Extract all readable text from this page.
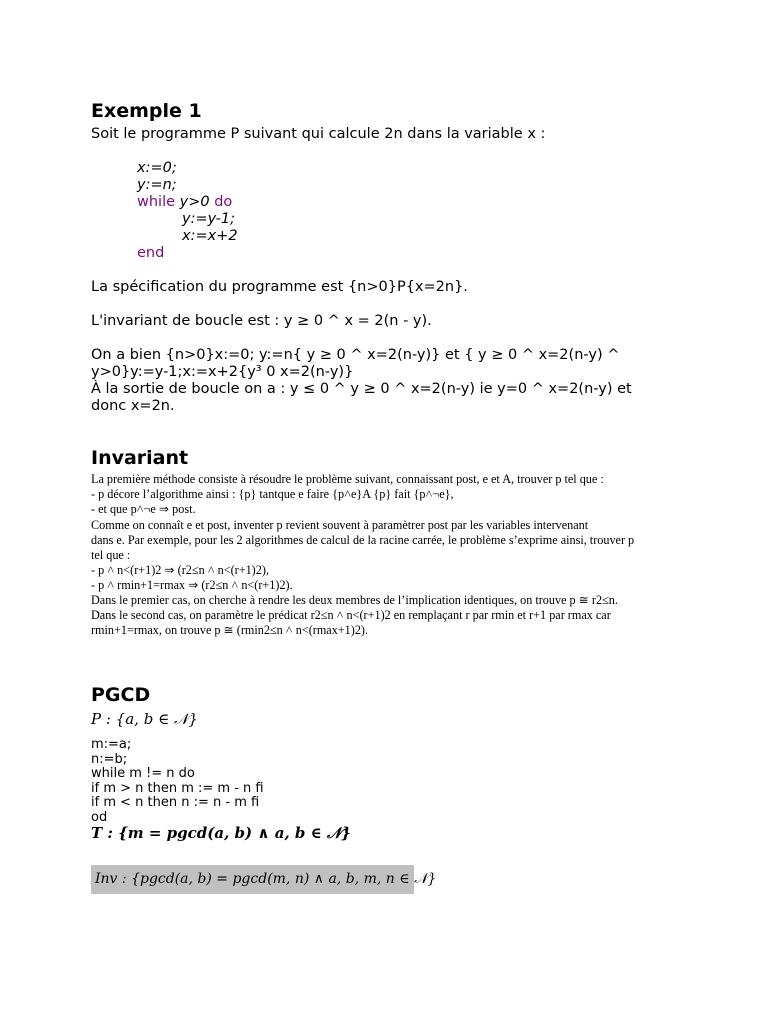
Exemple 1
Soit le programme P suivant qui calcule 2n dans la variable x :
x:=0;
y:=n;
while y>0 do
y:=y-1;
x:=x+2
end
La spécification du programme est {n>0}P{x=2n}.
L'invariant de boucle est : y ≥ 0 ^ x = 2(n - y).
On a bien {n>0}x:=0; y:=n{ y ≥ 0 ^ x=2(n-y)} et { y ≥ 0 ^ x=2(n-y) ^
y>0}y:=y-1;x:=x+2{y³ 0 x=2(n-y)}
À la sortie de boucle on a : y ≤ 0 ^ y ≥ 0 ^ x=2(n-y) ie y=0 ^ x=2(n-y) et
donc x=2n.
Invariant
La première méthode consiste à résoudre le problème suivant, connaissant post, e et A, trouver p tel que :
- p décore l’algorithme ainsi : {p} tantque e faire {p˄e}A {p} fait {p˄¬e},
- et que p˄¬e ⇒ post.
Comme on connaît e et post, inventer p revient souvent à paramètrer post par les variables intervenant
dans e. Par exemple, pour les 2 algorithmes de calcul de la racine carrée, le problème s’exprime ainsi, trouver p
tel que :
- p ˄ n<(r+1)2 ⇒ (r2≤n ˄ n<(r+1)2),
- p ˄ rmin+1=rmax ⇒ (r2≤n ˄ n<(r+1)2).
Dans le premier cas, on cherche à rendre les deux membres de l’implication identiques, on trouve p ≅ r2≤n.
Dans le second cas, on paramètre le prédicat r2≤n ˄ n<(r+1)2 en remplaçant r par rmin et r+1 par rmax car
rmin+1=rmax, on trouve p ≅ (rmin2≤n ˄ n<(rmax+1)2).
PGCD
P : {a, b ∈ 𝒩}
m:=a;
n:=b;
while m != n do
if m > n then m := m - n fi
if m < n then n := n - m fi
od
T : {m = pgcd(a, b) ∧ a, b ∈ 𝒩}
Inv : {pgcd(a, b) = pgcd(m, n) ∧ a, b, m, n ∈ 𝒩}
